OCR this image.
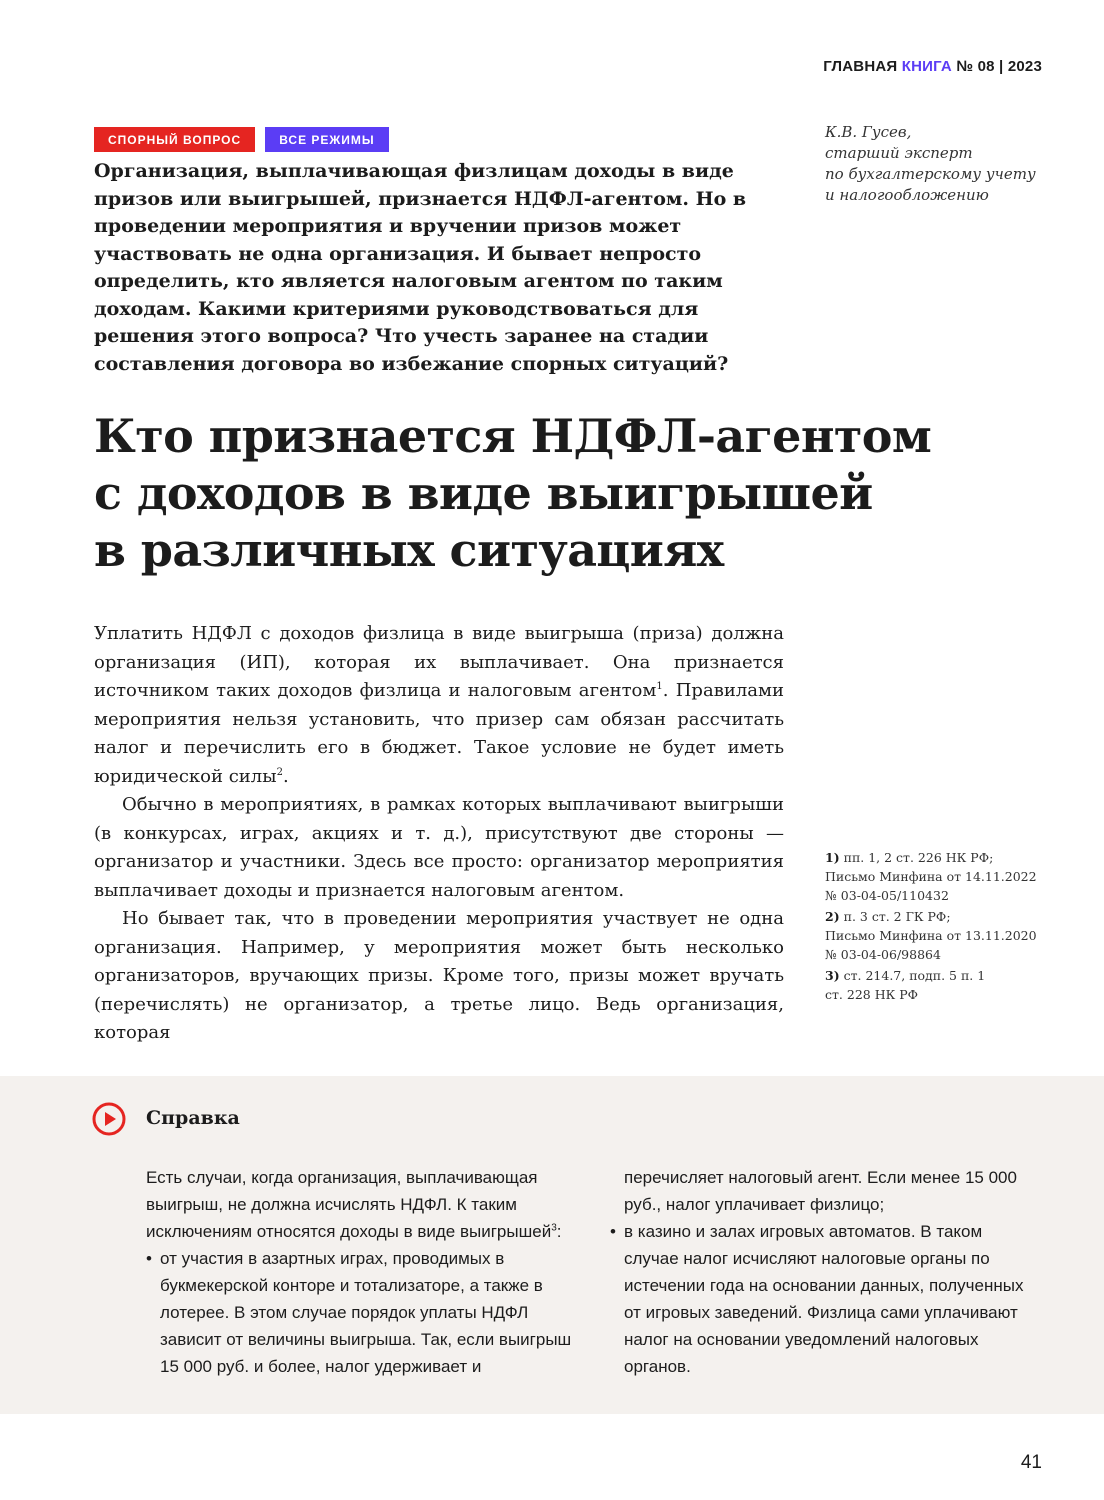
ГЛАВНАЯ КНИГА № 08 | 2023
СПОРНЫЙ ВОПРОС	ВСЕ РЕЖИМЫ	К.В. Гусев,
старший эксперт
по бухгалтерскому учету
и налогообложению

Организация, выплачивающая физлицам доходы в виде призов или выигрышей, признается НДФЛ-агентом. Но в проведении мероприятия и вручении призов может участвовать не одна организация. И бывает непросто определить, кто является налоговым агентом по таким доходам. Какими критериями руководствоваться для решения этого вопроса? Что учесть заранее на стадии составления договора во избежание спорных ситуаций?

Кто признается НДФЛ-агентом
с доходов в виде выигрышей
в различных ситуациях

Уплатить НДФЛ с доходов физлица в виде выигрыша (приза) должна организация (ИП), которая их выплачивает. Она признается источником таких доходов физлица и налоговым агентом$^1$. Правилами мероприятия нельзя установить, что призер сам обязан рассчитать налог и перечислить его в бюджет. Такое условие не будет иметь юридической силы$^2$.

Обычно в мероприятиях, в рамках которых выплачивают выигрыши (в конкурсах, играх, акциях и т. д.), присутствуют две стороны — организатор и участники. Здесь все просто: организатор мероприятия выплачивает доходы и признается налоговым агентом.

Но бывает так, что в проведении мероприятия участвует не одна организация. Например, у мероприятия может быть несколько организаторов, вручающих призы. Кроме того, призы может вручать (перечислять) не организатор, а третье лицо. Ведь организация, которая

1) пп. 1, 2 ст. 226 НК РФ;
Письмо Минфина от 14.11.2022
№ 03-04-05/110432
2) п. 3 ст. 2 ГК РФ;
Письмо Минфина от 13.11.2020
№ 03-04-06/98864
3) ст. 214.7, подп. 5 п. 1
ст. 228 НК РФ
Справка

Есть случаи, когда организация, выплачивающая выигрыш, не должна исчислять НДФЛ. К таким исключениям относятся доходы в виде выигрышей$^3$:

• от участия в азартных играх, проводимых в букмекерской конторе и тотализаторе, а также в лотерее. В этом случае порядок уплаты НДФЛ зависит от величины выигрыша. Так, если выигрыш 15 000 руб. и более, налог удерживает и перечисляет налоговый агент. Если менее 15 000 руб., налог уплачивает физлицо;
• в казино и залах игровых автоматов. В таком случае налог исчисляют налоговые органы по истечении года на основании данных, полученных от игровых заведений. Физлица сами уплачивают налог на основании уведомлений налоговых органов.
41
